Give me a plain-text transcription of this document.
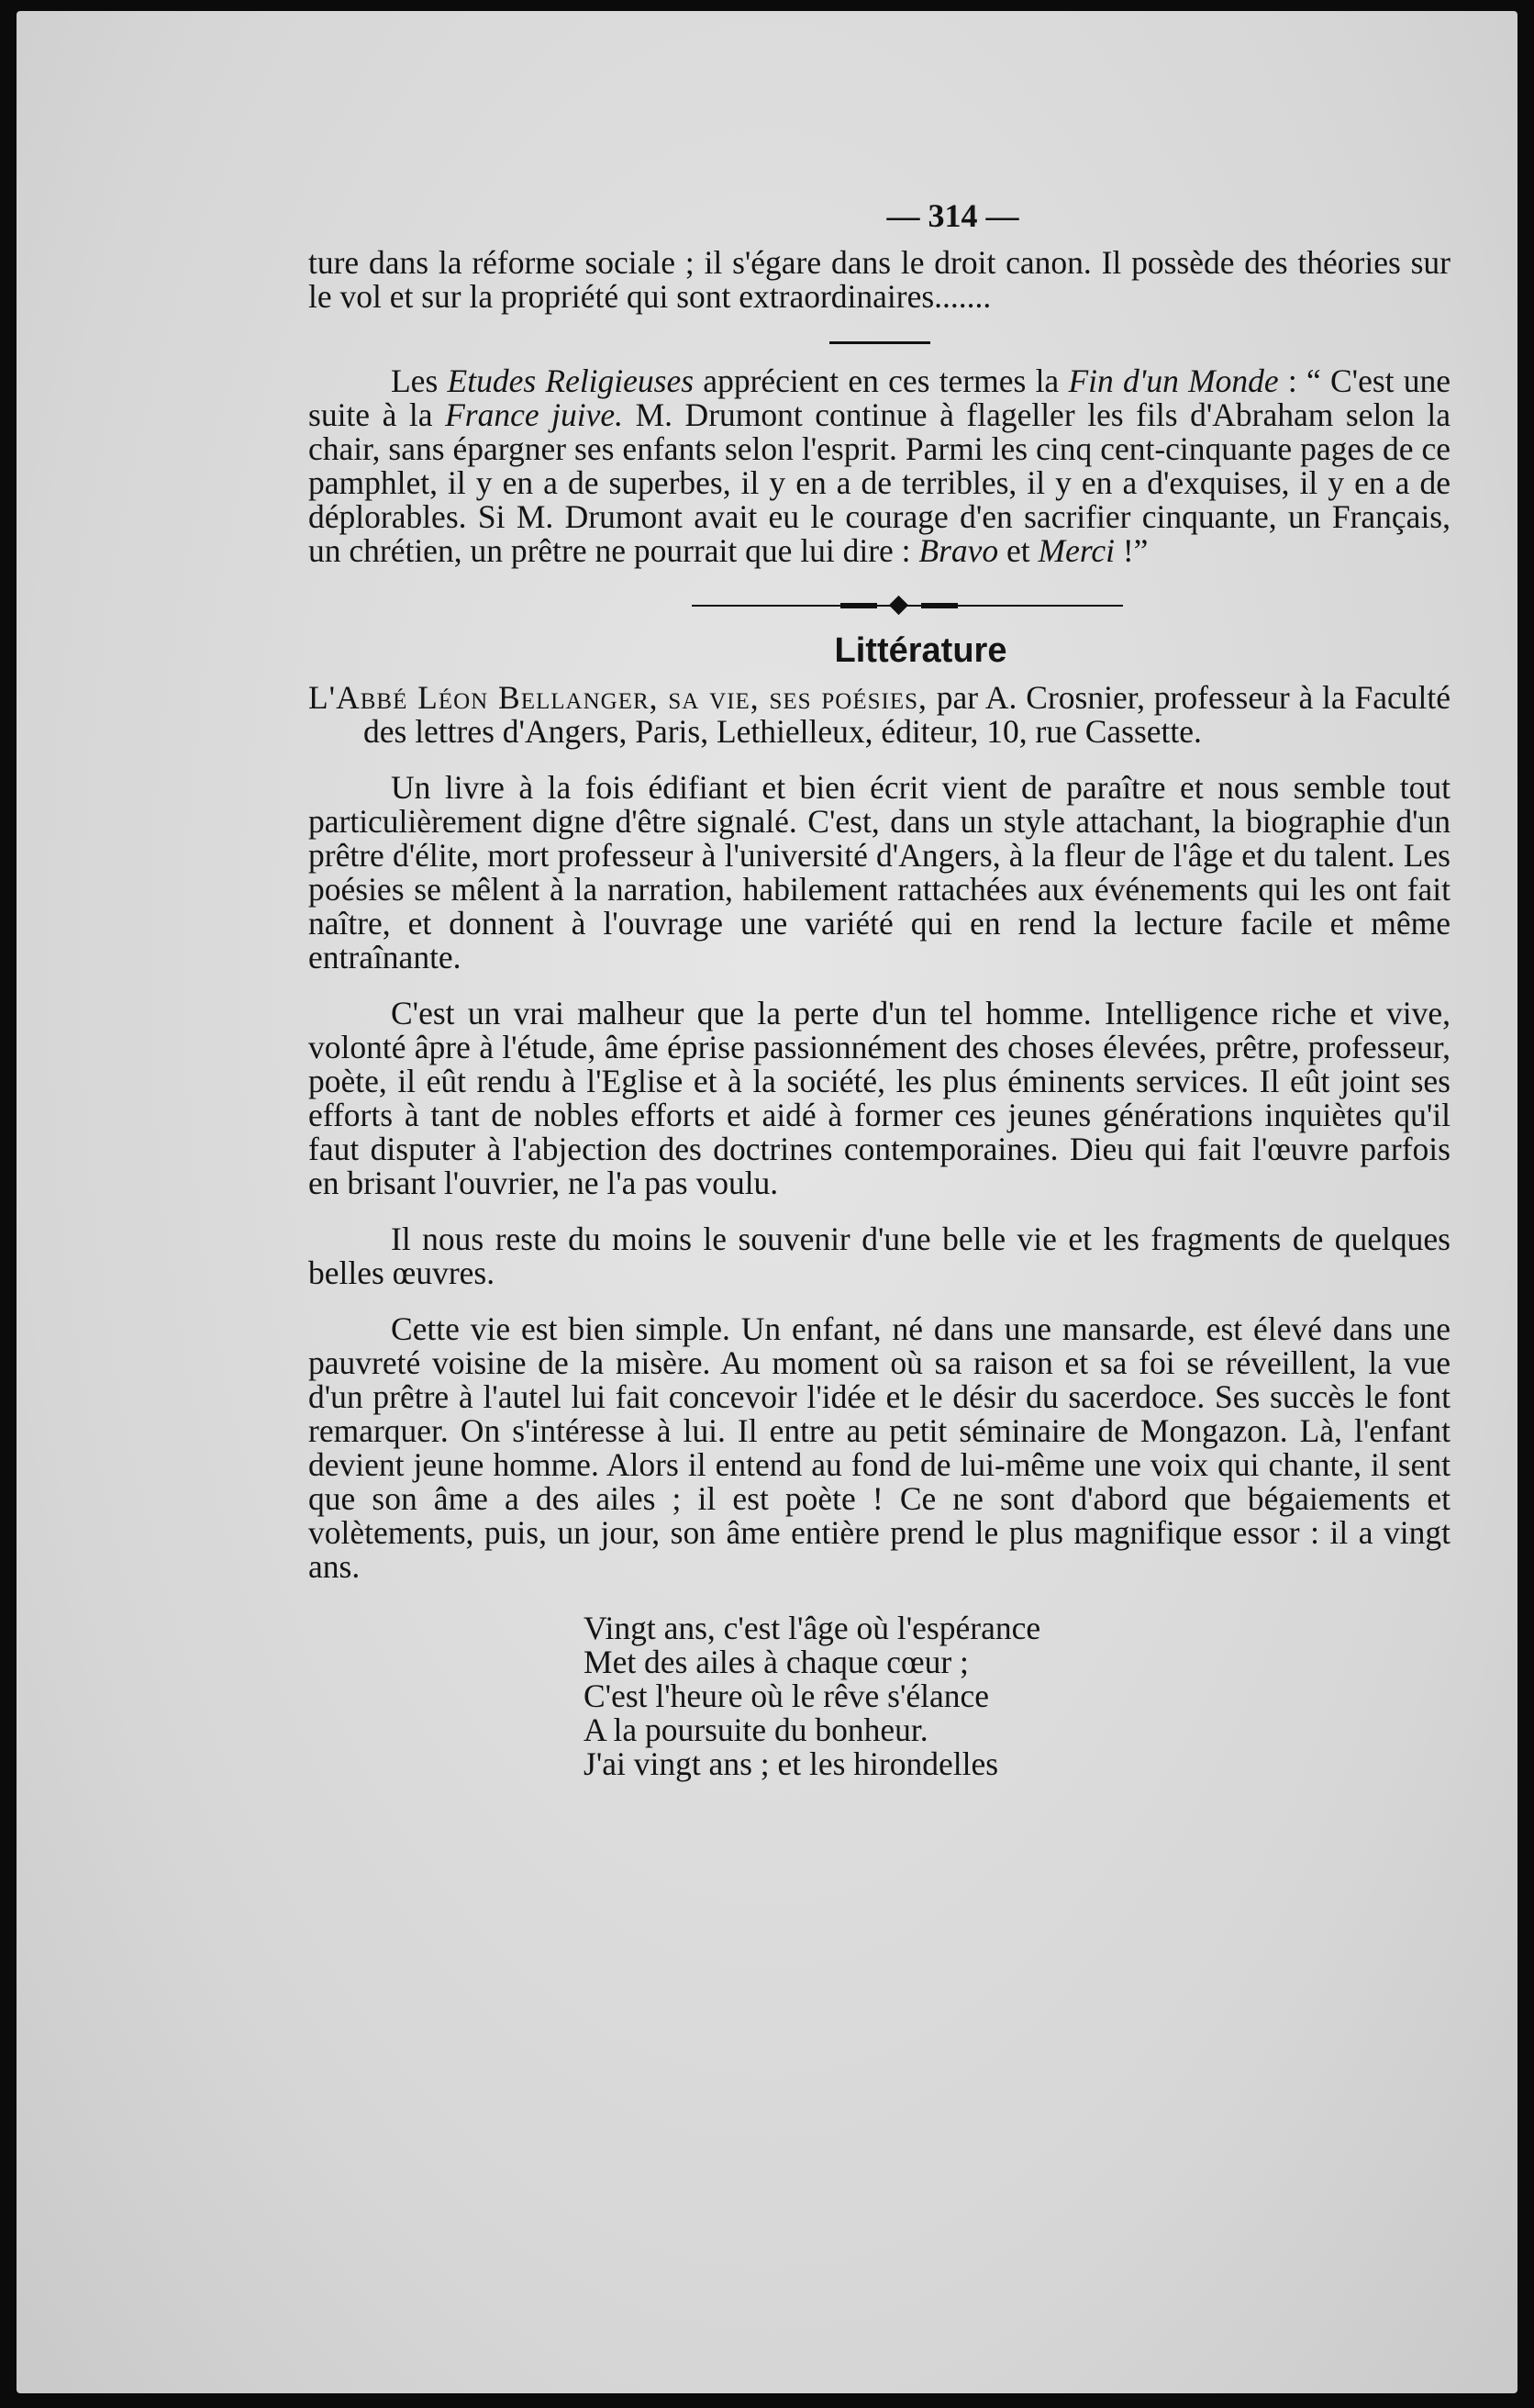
— 314 —

ture dans la réforme sociale ; il s'égare dans le droit canon. Il possède des théories sur le vol et sur la propriété qui sont extraordinaires.......

Les Etudes Religieuses apprécient en ces termes la Fin d'un Monde : “ C'est une suite à la France juive. M. Drumont continue à flageller les fils d'Abraham selon la chair, sans épargner ses enfants selon l'esprit. Parmi les cinq cent-cinquante pages de ce pamphlet, il y en a de superbes, il y en a de terribles, il y en a d'exquises, il y en a de déplorables. Si M. Drumont avait eu le courage d'en sacrifier cinquante, un Français, un chrétien, un prêtre ne pourrait que lui dire : Bravo et Merci !”

Littérature

L'Abbé Léon Bellanger, sa vie, ses poésies, par A. Crosnier, professeur à la Faculté des lettres d'Angers, Paris, Lethielleux, éditeur, 10, rue Cassette.

Un livre à la fois édifiant et bien écrit vient de paraître et nous semble tout particulièrement digne d'être signalé. C'est, dans un style attachant, la biographie d'un prêtre d'élite, mort professeur à l'université d'Angers, à la fleur de l'âge et du talent. Les poésies se mêlent à la narration, habilement rattachées aux événements qui les ont fait naître, et donnent à l'ouvrage une variété qui en rend la lecture facile et même entraînante.

C'est un vrai malheur que la perte d'un tel homme. Intelligence riche et vive, volonté âpre à l'étude, âme éprise passionnément des choses élevées, prêtre, professeur, poète, il eût rendu à l'Eglise et à la société, les plus éminents services. Il eût joint ses efforts à tant de nobles efforts et aidé à former ces jeunes générations inquiètes qu'il faut disputer à l'abjection des doctrines contemporaines. Dieu qui fait l'œuvre parfois en brisant l'ouvrier, ne l'a pas voulu.

Il nous reste du moins le souvenir d'une belle vie et les fragments de quelques belles œuvres.

Cette vie est bien simple. Un enfant, né dans une mansarde, est élevé dans une pauvreté voisine de la misère. Au moment où sa raison et sa foi se réveillent, la vue d'un prêtre à l'autel lui fait concevoir l'idée et le désir du sacerdoce. Ses succès le font remarquer. On s'intéresse à lui. Il entre au petit séminaire de Mongazon. Là, l'enfant devient jeune homme. Alors il entend au fond de lui-même une voix qui chante, il sent que son âme a des ailes ; il est poète ! Ce ne sont d'abord que bégaiements et volètements, puis, un jour, son âme entière prend le plus magnifique essor : il a vingt ans.

Vingt ans, c'est l'âge où l'espérance
Met des ailes à chaque cœur ;
C'est l'heure où le rêve s'élance
A la poursuite du bonheur.
J'ai vingt ans ; et les hirondelles
